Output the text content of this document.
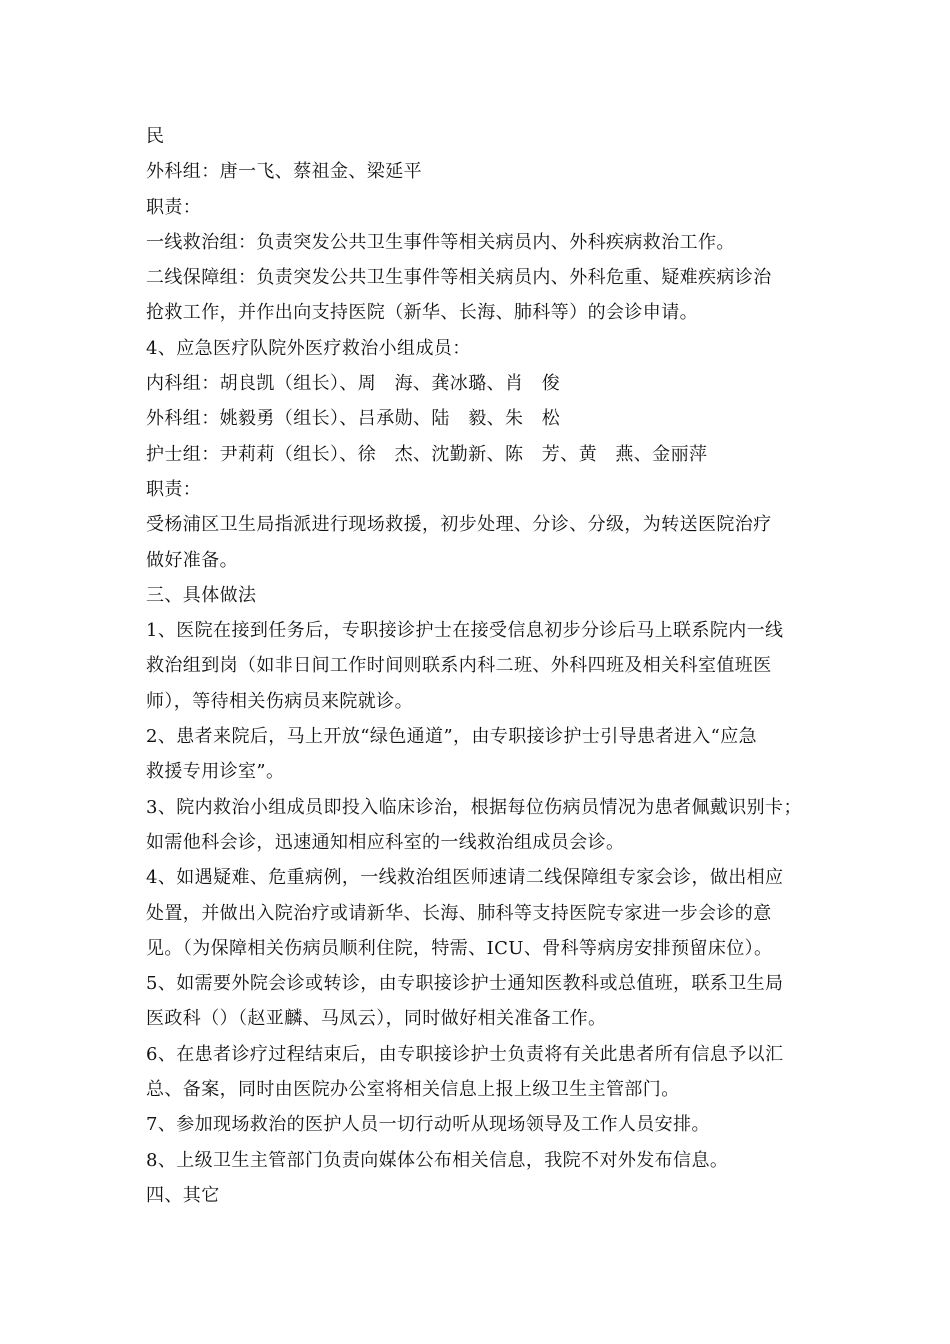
民
外科组：唐一飞、蔡祖金、梁延平
职责：
一线救治组：负责突发公共卫生事件等相关病员内、外科疾病救治工作。
二线保障组：负责突发公共卫生事件等相关病员内、外科危重、疑难疾病诊治
抢救工作，并作出向支持医院（新华、长海、肺科等）的会诊申请。
4、应急医疗队院外医疗救治小组成员：
内科组：胡良凯（组长）、周　海、龚冰璐、肖　俊
外科组：姚毅勇（组长）、吕承勋、陆　毅、朱　松
护士组：尹莉莉（组长）、徐　杰、沈勤新、陈　芳、黄　燕、金丽萍
职责：
受杨浦区卫生局指派进行现场救援，初步处理、分诊、分级，为转送医院治疗
做好准备。
三、具体做法
1、医院在接到任务后，专职接诊护士在接受信息初步分诊后马上联系院内一线
救治组到岗（如非日间工作时间则联系内科二班、外科四班及相关科室值班医
师），等待相关伤病员来院就诊。
2、患者来院后，马上开放“绿色通道”，由专职接诊护士引导患者进入“应急
救援专用诊室”。
3、院内救治小组成员即投入临床诊治，根据每位伤病员情况为患者佩戴识别卡；
如需他科会诊，迅速通知相应科室的一线救治组成员会诊。
4、如遇疑难、危重病例，一线救治组医师速请二线保障组专家会诊，做出相应
处置，并做出入院治疗或请新华、长海、肺科等支持医院专家进一步会诊的意
见。（为保障相关伤病员顺利住院，特需、ICU、骨科等病房安排预留床位）。
5、如需要外院会诊或转诊，由专职接诊护士通知医教科或总值班，联系卫生局
医政科（）（赵亚麟、马凤云），同时做好相关准备工作。
6、在患者诊疗过程结束后，由专职接诊护士负责将有关此患者所有信息予以汇
总、备案，同时由医院办公室将相关信息上报上级卫生主管部门。
7、参加现场救治的医护人员一切行动听从现场领导及工作人员安排。
8、上级卫生主管部门负责向媒体公布相关信息，我院不对外发布信息。
四、其它
